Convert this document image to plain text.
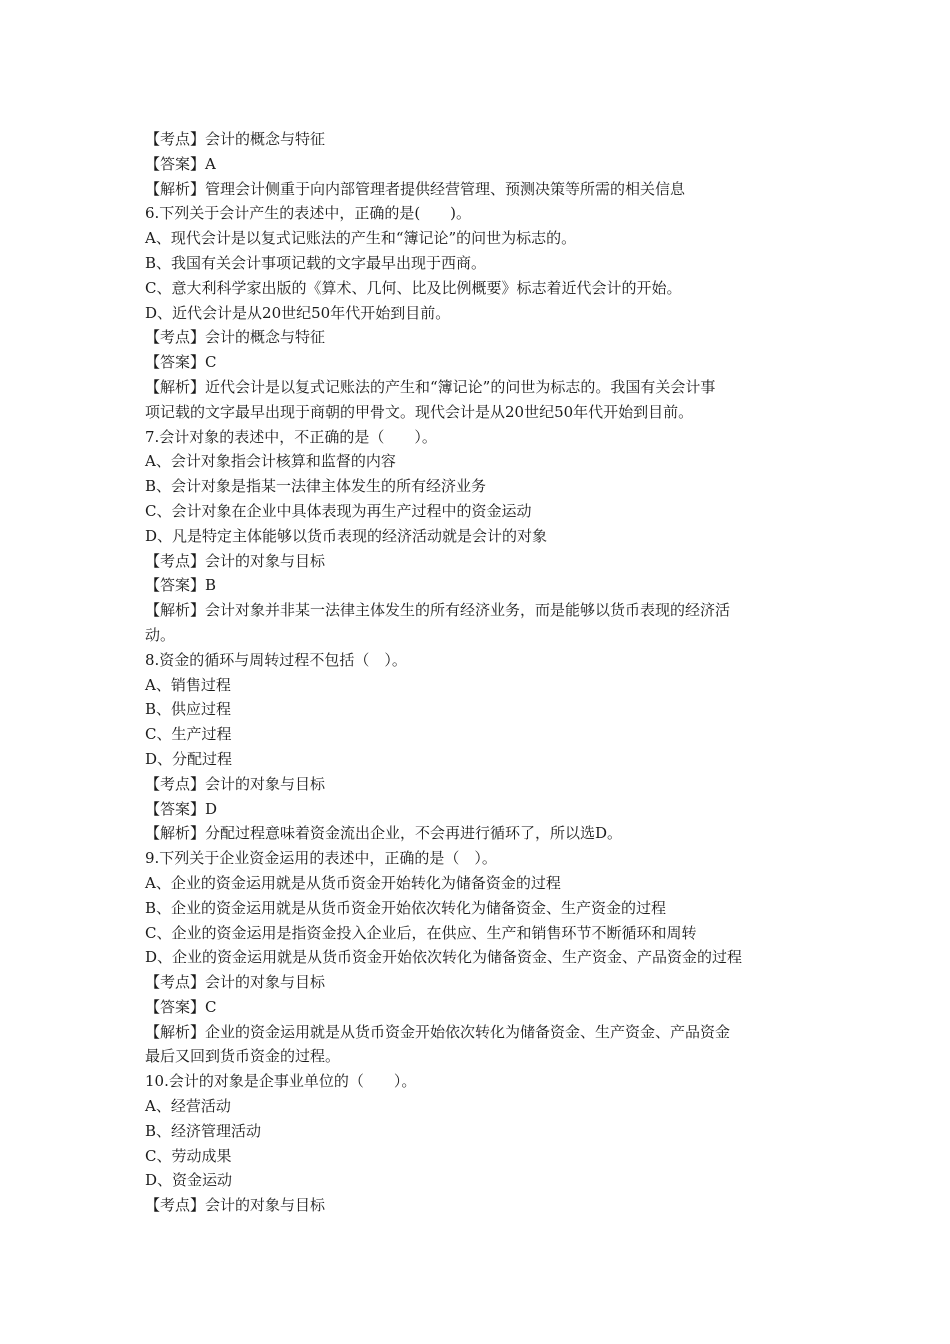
【考点】会计的概念与特征

【答案】A

【解析】管理会计侧重于向内部管理者提供经营管理、预测决策等所需的相关信息

6.下列关于会计产生的表述中，正确的是(　　)。

A、现代会计是以复式记账法的产生和“簿记论”的问世为标志的。

B、我国有关会计事项记载的文字最早出现于西商。

C、意大利科学家出版的《算术、几何、比及比例概要》标志着近代会计的开始。

D、近代会计是从20世纪50年代开始到目前。

【考点】会计的概念与特征

【答案】C

【解析】近代会计是以复式记账法的产生和“簿记论”的问世为标志的。我国有关会计事

项记载的文字最早出现于商朝的甲骨文。现代会计是从20世纪50年代开始到目前。

7.会计对象的表述中，不正确的是（　　）。

A、会计对象指会计核算和监督的内容

B、会计对象是指某一法律主体发生的所有经济业务

C、会计对象在企业中具体表现为再生产过程中的资金运动

D、凡是特定主体能够以货币表现的经济活动就是会计的对象

【考点】会计的对象与目标

【答案】B

【解析】会计对象并非某一法律主体发生的所有经济业务，而是能够以货币表现的经济活

动。

8.资金的循环与周转过程不包括（　）。

A、销售过程

B、供应过程

C、生产过程

D、分配过程

【考点】会计的对象与目标

【答案】D

【解析】分配过程意味着资金流出企业，不会再进行循环了，所以选D。

9.下列关于企业资金运用的表述中，正确的是（　）。

A、企业的资金运用就是从货币资金开始转化为储备资金的过程

B、企业的资金运用就是从货币资金开始依次转化为储备资金、生产资金的过程

C、企业的资金运用是指资金投入企业后，在供应、生产和销售环节不断循环和周转

D、企业的资金运用就是从货币资金开始依次转化为储备资金、生产资金、产品资金的过程

【考点】会计的对象与目标

【答案】C

【解析】企业的资金运用就是从货币资金开始依次转化为储备资金、生产资金、产品资金

最后又回到货币资金的过程。

10.会计的对象是企事业单位的（　　）。

A、经营活动

B、经济管理活动

C、劳动成果

D、资金运动

【考点】会计的对象与目标
